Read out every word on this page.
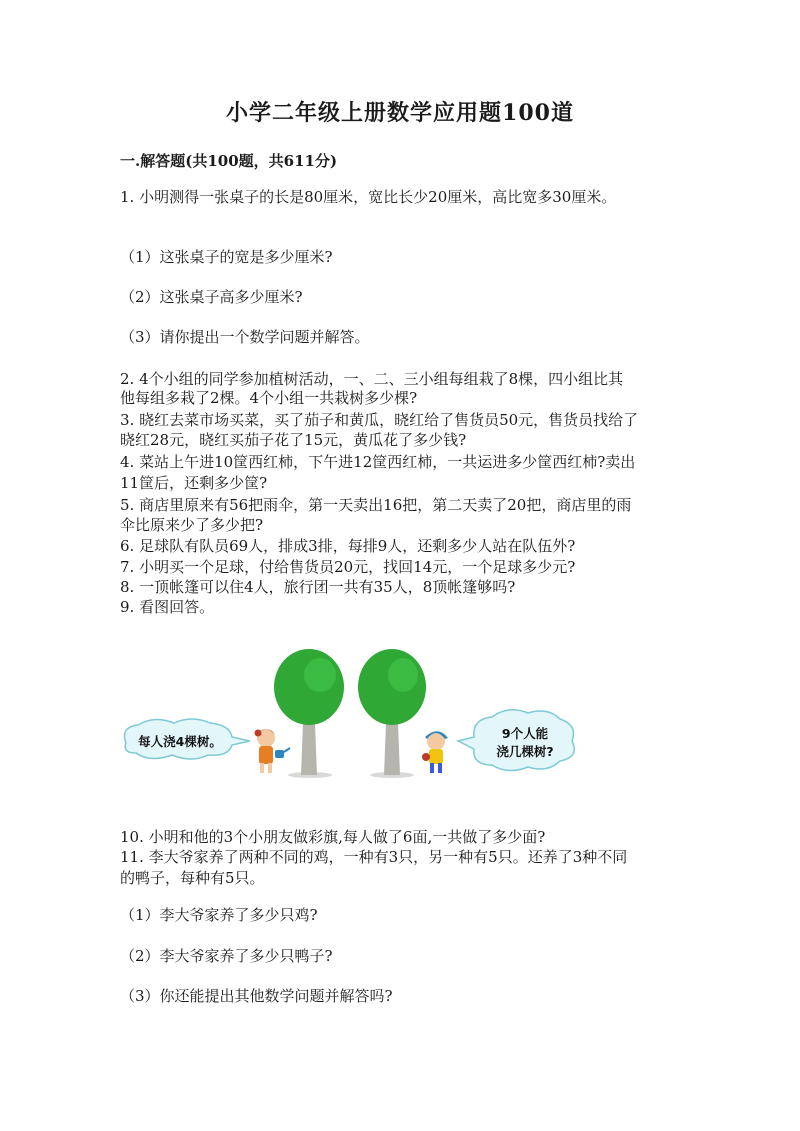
小学二年级上册数学应用题100道
一.解答题(共100题，共611分)
1. 小明测得一张桌子的长是80厘米，宽比长少20厘米，高比宽多30厘米。
（1）这张桌子的宽是多少厘米?
（2）这张桌子高多少厘米?
（3）请你提出一个数学问题并解答。
2. 4个小组的同学参加植树活动，一、二、三小组每组栽了8棵，四小组比其
他每组多栽了2棵。4个小组一共栽树多少棵?
3. 晓红去菜市场买菜，买了茄子和黄瓜，晓红给了售货员50元，售货员找给了
晓红28元，晓红买茄子花了15元，黄瓜花了多少钱?
4. 菜站上午进10筐西红柿，下午进12筐西红柿，一共运进多少筐西红柿?卖出
11筐后，还剩多少筐?
5. 商店里原来有56把雨伞，第一天卖出16把，第二天卖了20把，商店里的雨
伞比原来少了多少把?
6. 足球队有队员69人，排成3排，每排9人，还剩多少人站在队伍外?
7. 小明买一个足球，付给售货员20元，找回14元，一个足球多少元?
8. 一顶帐篷可以住4人，旅行团一共有35人，8顶帐篷够吗?
9. 看图回答。
每人浇4棵树。
9个人能
浇几棵树?
10. 小明和他的3个小朋友做彩旗,每人做了6面,一共做了多少面?
11. 李大爷家养了两种不同的鸡，一种有3只，另一种有5只。还养了3种不同
的鸭子，每种有5只。
（1）李大爷家养了多少只鸡?
（2）李大爷家养了多少只鸭子?
（3）你还能提出其他数学问题并解答吗?
